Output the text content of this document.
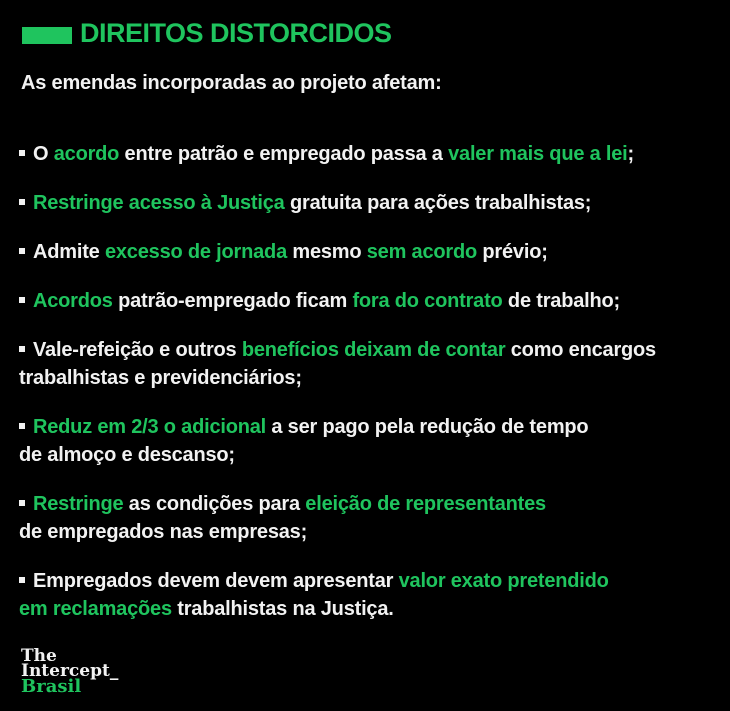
DIREITOS DISTORCIDOS

As emendas incorporadas ao projeto afetam:

O acordo entre patrão e empregado passa a valer mais que a lei;

Restringe acesso à Justiça gratuita para ações trabalhistas;

Admite excesso de jornada mesmo sem acordo prévio;

Acordos patrão-empregado ficam fora do contrato de trabalho;

Vale-refeição e outros benefícios deixam de contar como encargos
trabalhistas e previdenciários;

Reduz em 2/3 o adicional a ser pago pela redução de tempo
de almoço e descanso;

Restringe as condições para eleição de representantes
de empregados nas empresas;

Empregados devem devem apresentar valor exato pretendido
em reclamações trabalhistas na Justiça.

The
Intercept_
Brasil
